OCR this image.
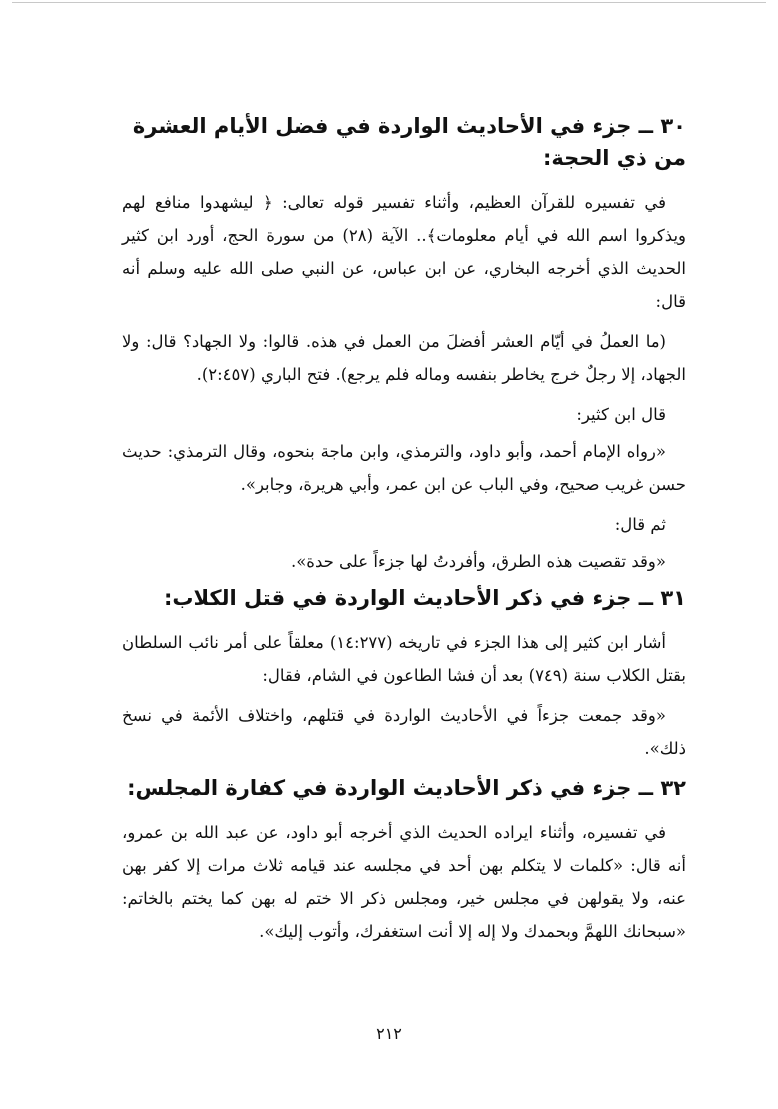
٣٠ ــ جزء في الأحاديث الواردة في فضل الأيام العشرة من ذي الحجة:

في تفسيره للقرآن العظيم، وأثناء تفسير قوله تعالى: ﴿ ليشهدوا منافع لهم ويذكروا اسم الله في أيام معلومات﴾.. الآية (٢٨) من سورة الحج، أورد ابن كثير الحديث الذي أخرجه البخاري، عن ابن عباس، عن النبي صلى الله عليه وسلم أنه قال:

(ما العملُ في أيّام العشر أفضلَ من العمل في هذه. قالوا: ولا الجهاد؟ قال: ولا الجهاد، إلا رجلٌ خرج يخاطر بنفسه وماله فلم يرجع). فتح الباري (٢:٤٥٧).

قال ابن كثير:

«رواه الإمام أحمد، وأبو داود، والترمذي، وابن ماجة بنحوه، وقال الترمذي: حديث حسن غريب صحيح، وفي الباب عن ابن عمر، وأبي هريرة، وجابر».

ثم قال:

«وقد تقصيت هذه الطرق، وأفردتُ لها جزءاً على حدة».

٣١ ــ جزء في ذكر الأحاديث الواردة في قتل الكلاب:

أشار ابن كثير إلى هذا الجزء في تاريخه (١٤:٢٧٧) معلقاً على أمر نائب السلطان بقتل الكلاب سنة (٧٤٩) بعد أن فشا الطاعون في الشام، فقال:

«وقد جمعت جزءاً في الأحاديث الواردة في قتلهم، واختلاف الأئمة في نسخ ذلك».

٣٢ ــ جزء في ذكر الأحاديث الواردة في كفارة المجلس:

في تفسيره، وأثناء ايراده الحديث الذي أخرجه أبو داود، عن عبد الله بن عمرو، أنه قال: «كلمات لا يتكلم بهن أحد في مجلسه عند قيامه ثلاث مرات إلا كفر بهن عنه، ولا يقولهن في مجلس خير، ومجلس ذكر الا ختم له بهن كما يختم بالخاتم: «سبحانك اللهمَّ وبحمدك ولا إله إلا أنت استغفرك، وأتوب إليك».

٢١٢
